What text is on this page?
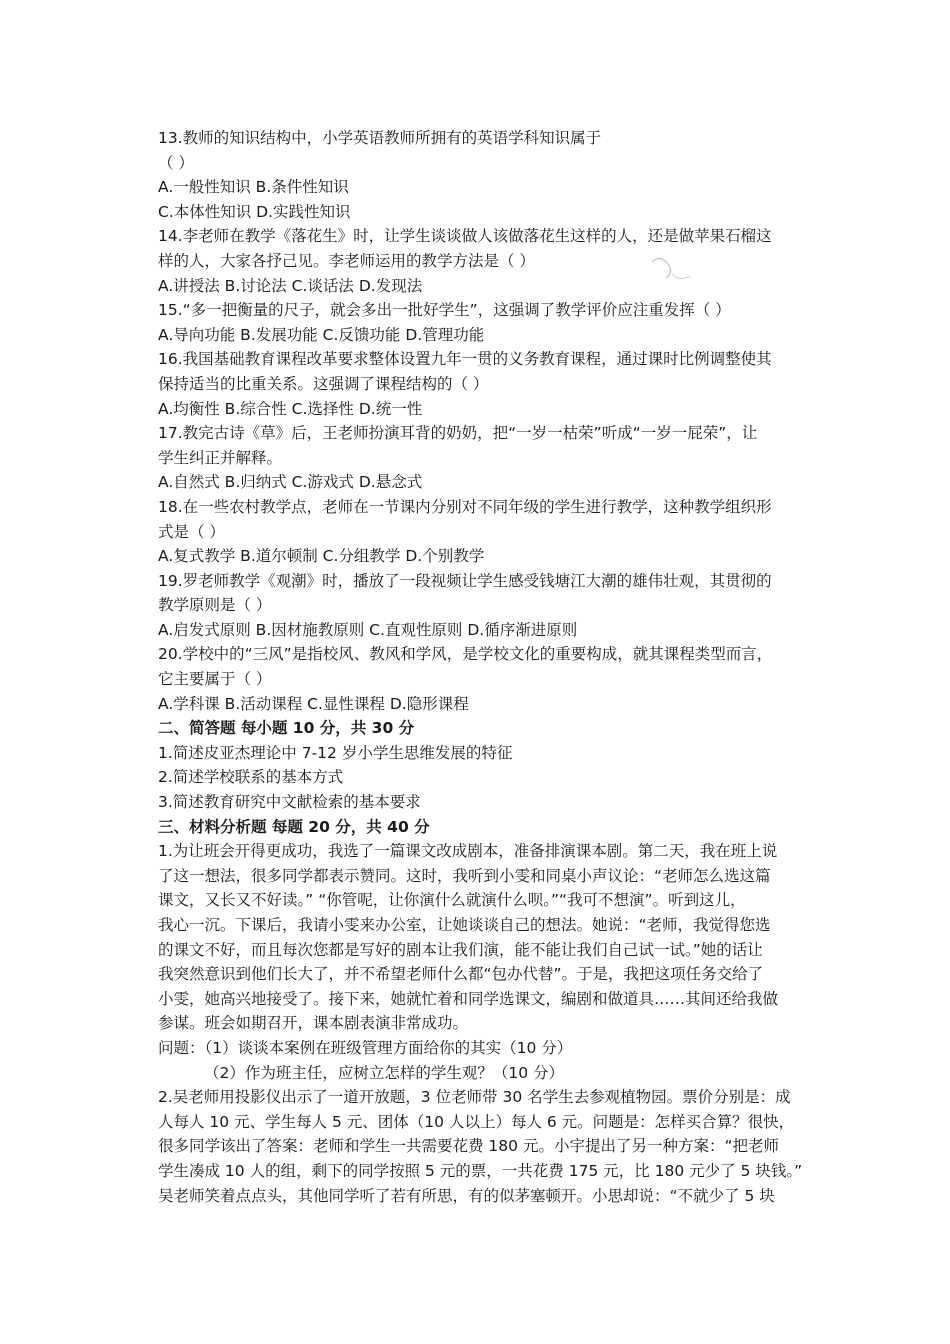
13.教师的知识结构中，小学英语教师所拥有的英语学科知识属于
（ ）
A.一般性知识 B.条件性知识
C.本体性知识 D.实践性知识
14.李老师在教学《落花生》时，让学生谈谈做人该做落花生这样的人，还是做苹果石榴这
样的人，大家各抒己见。李老师运用的教学方法是（ ）
A.讲授法 B.讨论法 C.谈话法 D.发现法
15.“多一把衡量的尺子，就会多出一批好学生”，这强调了教学评价应注重发挥（ ）
A.导向功能 B.发展功能 C.反馈功能 D.管理功能
16.我国基础教育课程改革要求整体设置九年一贯的义务教育课程，通过课时比例调整使其
保持适当的比重关系。这强调了课程结构的（ ）
A.均衡性 B.综合性 C.选择性 D.统一性
17.教完古诗《草》后，王老师扮演耳背的奶奶，把“一岁一枯荣”听成“一岁一屁荣”，让
学生纠正并解释。
A.自然式 B.归纳式 C.游戏式 D.悬念式
18.在一些农村教学点，老师在一节课内分别对不同年级的学生进行教学，这种教学组织形
式是（ ）
A.复式教学 B.道尔顿制 C.分组教学 D.个别教学
19.罗老师教学《观潮》时，播放了一段视频让学生感受钱塘江大潮的雄伟壮观，其贯彻的
教学原则是（ ）
A.启发式原则 B.因材施教原则 C.直观性原则 D.循序渐进原则
20.学校中的“三风”是指校风、教风和学风，是学校文化的重要构成，就其课程类型而言，
它主要属于（ ）
A.学科课 B.活动课程 C.显性课程 D.隐形课程
二、简答题 每小题 10 分，共 30 分
1.简述皮亚杰理论中 7-12 岁小学生思维发展的特征
2.简述学校联系的基本方式
3.简述教育研究中文献检索的基本要求
三、材料分析题 每题 20 分，共 40 分
1.为让班会开得更成功，我选了一篇课文改成剧本，准备排演课本剧。第二天，我在班上说
了这一想法，很多同学都表示赞同。这时，我听到小雯和同桌小声议论：“老师怎么选这篇
课文，又长又不好读。” “你管呢，让你演什么就演什么呗。”“我可不想演”。听到这儿，
我心一沉。下课后，我请小雯来办公室，让她谈谈自己的想法。她说：“老师，我觉得您选
的课文不好，而且每次您都是写好的剧本让我们演，能不能让我们自己试一试。”她的话让
我突然意识到他们长大了，并不希望老师什么都“包办代替”。于是，我把这项任务交给了
小雯，她高兴地接受了。接下来，她就忙着和同学选课文，编剧和做道具……其间还给我做
参谋。班会如期召开，课本剧表演非常成功。
问题：（1）谈谈本案例在班级管理方面给你的其实（10 分）
（2）作为班主任，应树立怎样的学生观？（10 分）
2.吴老师用投影仪出示了一道开放题，3 位老师带 30 名学生去参观植物园。票价分别是：成
人每人 10 元、学生每人 5 元、团体（10 人以上）每人 6 元。问题是：怎样买合算？很快，
很多同学该出了答案：老师和学生一共需要花费 180 元。小宇提出了另一种方案：“把老师
学生凑成 10 人的组，剩下的同学按照 5 元的票，一共花费 175 元，比 180 元少了 5 块钱。”
吴老师笑着点点头，其他同学听了若有所思，有的似茅塞顿开。小思却说：“不就少了 5 块
